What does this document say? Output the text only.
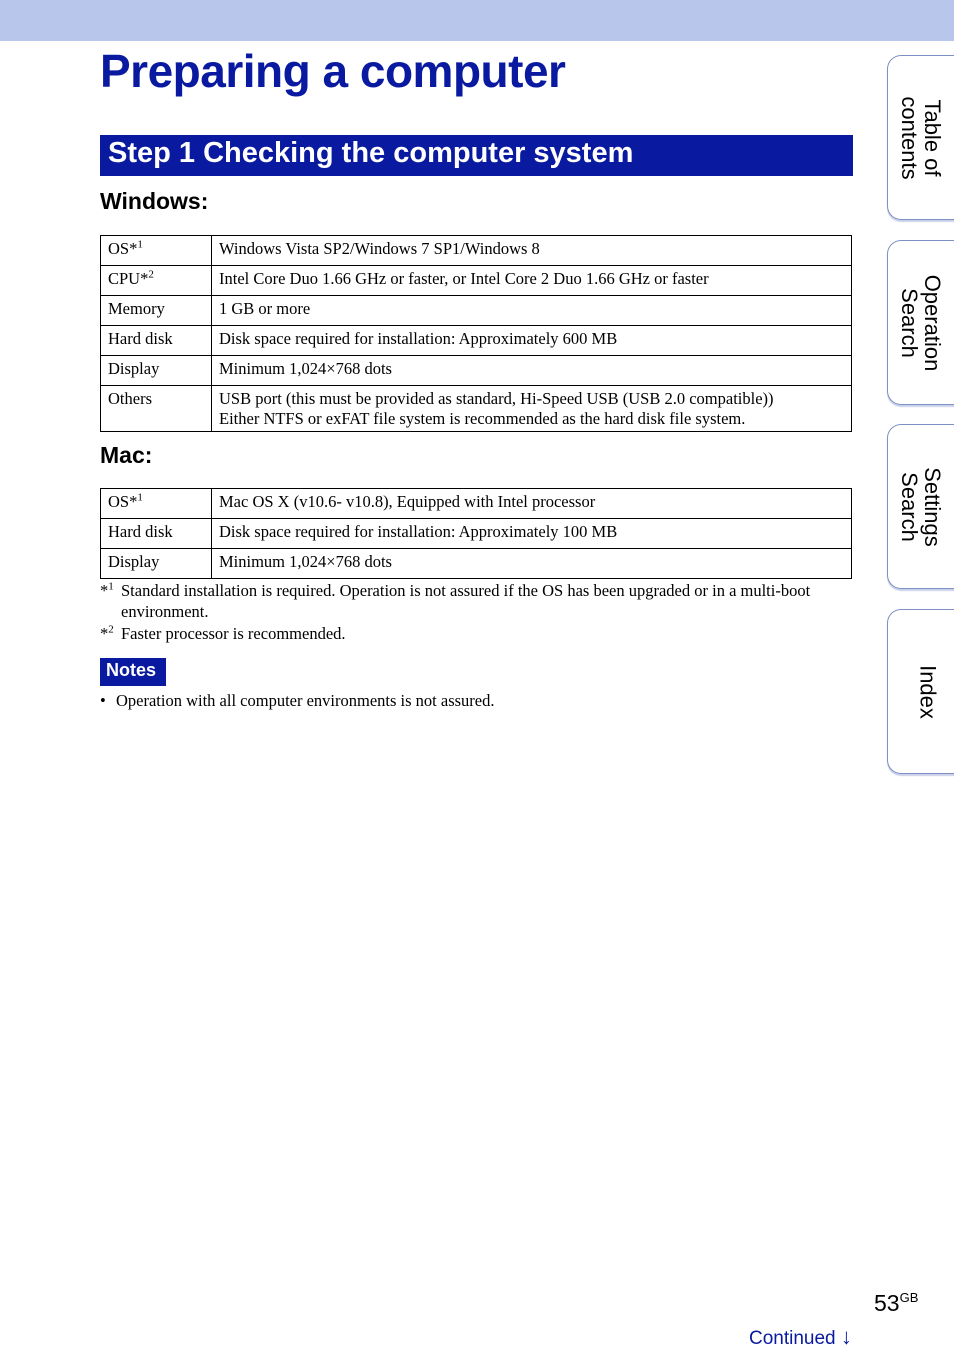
Preparing a computer
Step 1 Checking the computer system
Windows:
OS*$^1$	Windows Vista SP2/Windows 7 SP1/Windows 8
CPU*$^2$	Intel Core Duo 1.66 GHz or faster, or Intel Core 2 Duo 1.66 GHz or faster
Memory	1 GB or more
Hard disk	Disk space required for installation: Approximately 600 MB
Display	Minimum 1,024×768 dots
Others	USB port (this must be provided as standard, Hi-Speed USB (USB 2.0 compatible))
Either NTFS or exFAT file system is recommended as the hard disk file system.
Mac:
OS*$^1$	Mac OS X (v10.6- v10.8), Equipped with Intel processor
Hard disk	Disk space required for installation: Approximately 100 MB
Display	Minimum 1,024×768 dots
*$^1$ Standard installation is required. Operation is not assured if the OS has been upgraded or in a multi-boot environment.
*$^2$ Faster processor is recommended.
Notes
• Operation with all computer environments is not assured.
Table of
contents
Operation
Search
Settings
Search
Index
$53^{GB}$
Continued ↓
